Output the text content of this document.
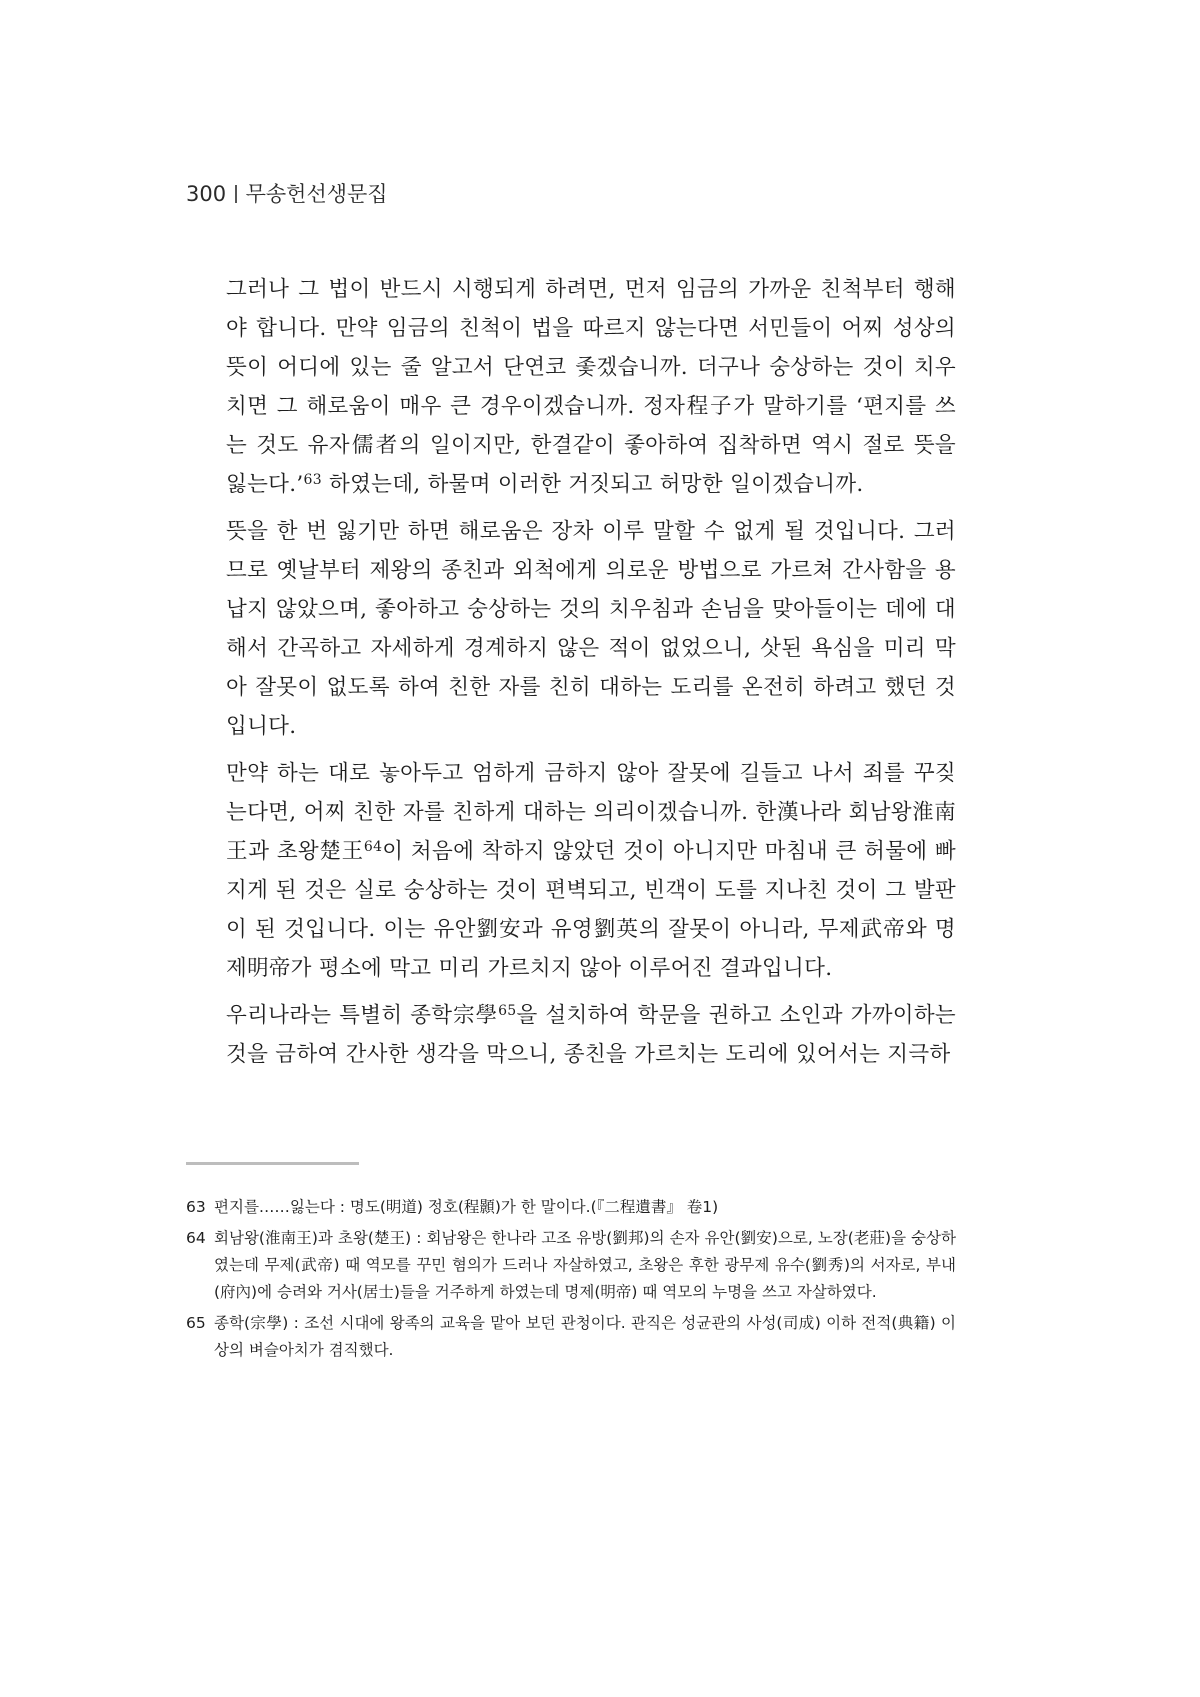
300 무송헌선생문집

그러나 그 법이 반드시 시행되게 하려면, 먼저 임금의 가까운 친척부터 행해야 합니다. 만약 임금의 친척이 법을 따르지 않는다면 서민들이 어찌 성상의 뜻이 어디에 있는 줄 알고서 단연코 좇겠습니까. 더구나 숭상하는 것이 치우치면 그 해로움이 매우 큰 경우이겠습니까. 정자程子가 말하기를 ‘편지를 쓰는 것도 유자儒者의 일이지만, 한결같이 좋아하여 집착하면 역시 절로 뜻을 잃는다.’$^{63}$ 하였는데, 하물며 이러한 거짓되고 허망한 일이겠습니까.

뜻을 한 번 잃기만 하면 해로움은 장차 이루 말할 수 없게 될 것입니다. 그러므로 옛날부터 제왕의 종친과 외척에게 의로운 방법으로 가르쳐 간사함을 용납지 않았으며, 좋아하고 숭상하는 것의 치우침과 손님을 맞아들이는 데에 대해서 간곡하고 자세하게 경계하지 않은 적이 없었으니, 삿된 욕심을 미리 막아 잘못이 없도록 하여 친한 자를 친히 대하는 도리를 온전히 하려고 했던 것입니다.

만약 하는 대로 놓아두고 엄하게 금하지 않아 잘못에 길들고 나서 죄를 꾸짖는다면, 어찌 친한 자를 친하게 대하는 의리이겠습니까. 한漢나라 회남왕淮南王과 초왕楚王$^{64}$이 처음에 착하지 않았던 것이 아니지만 마침내 큰 허물에 빠지게 된 것은 실로 숭상하는 것이 편벽되고, 빈객이 도를 지나친 것이 그 발판이 된 것입니다. 이는 유안劉安과 유영劉英의 잘못이 아니라, 무제武帝와 명제明帝가 평소에 막고 미리 가르치지 않아 이루어진 결과입니다.

우리나라는 특별히 종학宗學$^{65}$을 설치하여 학문을 권하고 소인과 가까이하는 것을 금하여 간사한 생각을 막으니, 종친을 가르치는 도리에 있어서는 지극하

63 편지를……잃는다 : 명도(明道) 정호(程顥)가 한 말이다.(『二程遺書』 卷1)
64 회남왕(淮南王)과 초왕(楚王) : 회남왕은 한나라 고조 유방(劉邦)의 손자 유안(劉安)으로, 노장(老莊)을 숭상하였는데 무제(武帝) 때 역모를 꾸민 혐의가 드러나 자살하였고, 초왕은 후한 광무제 유수(劉秀)의 서자로, 부내(府內)에 승려와 거사(居士)들을 거주하게 하였는데 명제(明帝) 때 역모의 누명을 쓰고 자살하였다.
65 종학(宗學) : 조선 시대에 왕족의 교육을 맡아 보던 관청이다. 관직은 성균관의 사성(司成) 이하 전적(典籍) 이상의 벼슬아치가 겸직했다.
